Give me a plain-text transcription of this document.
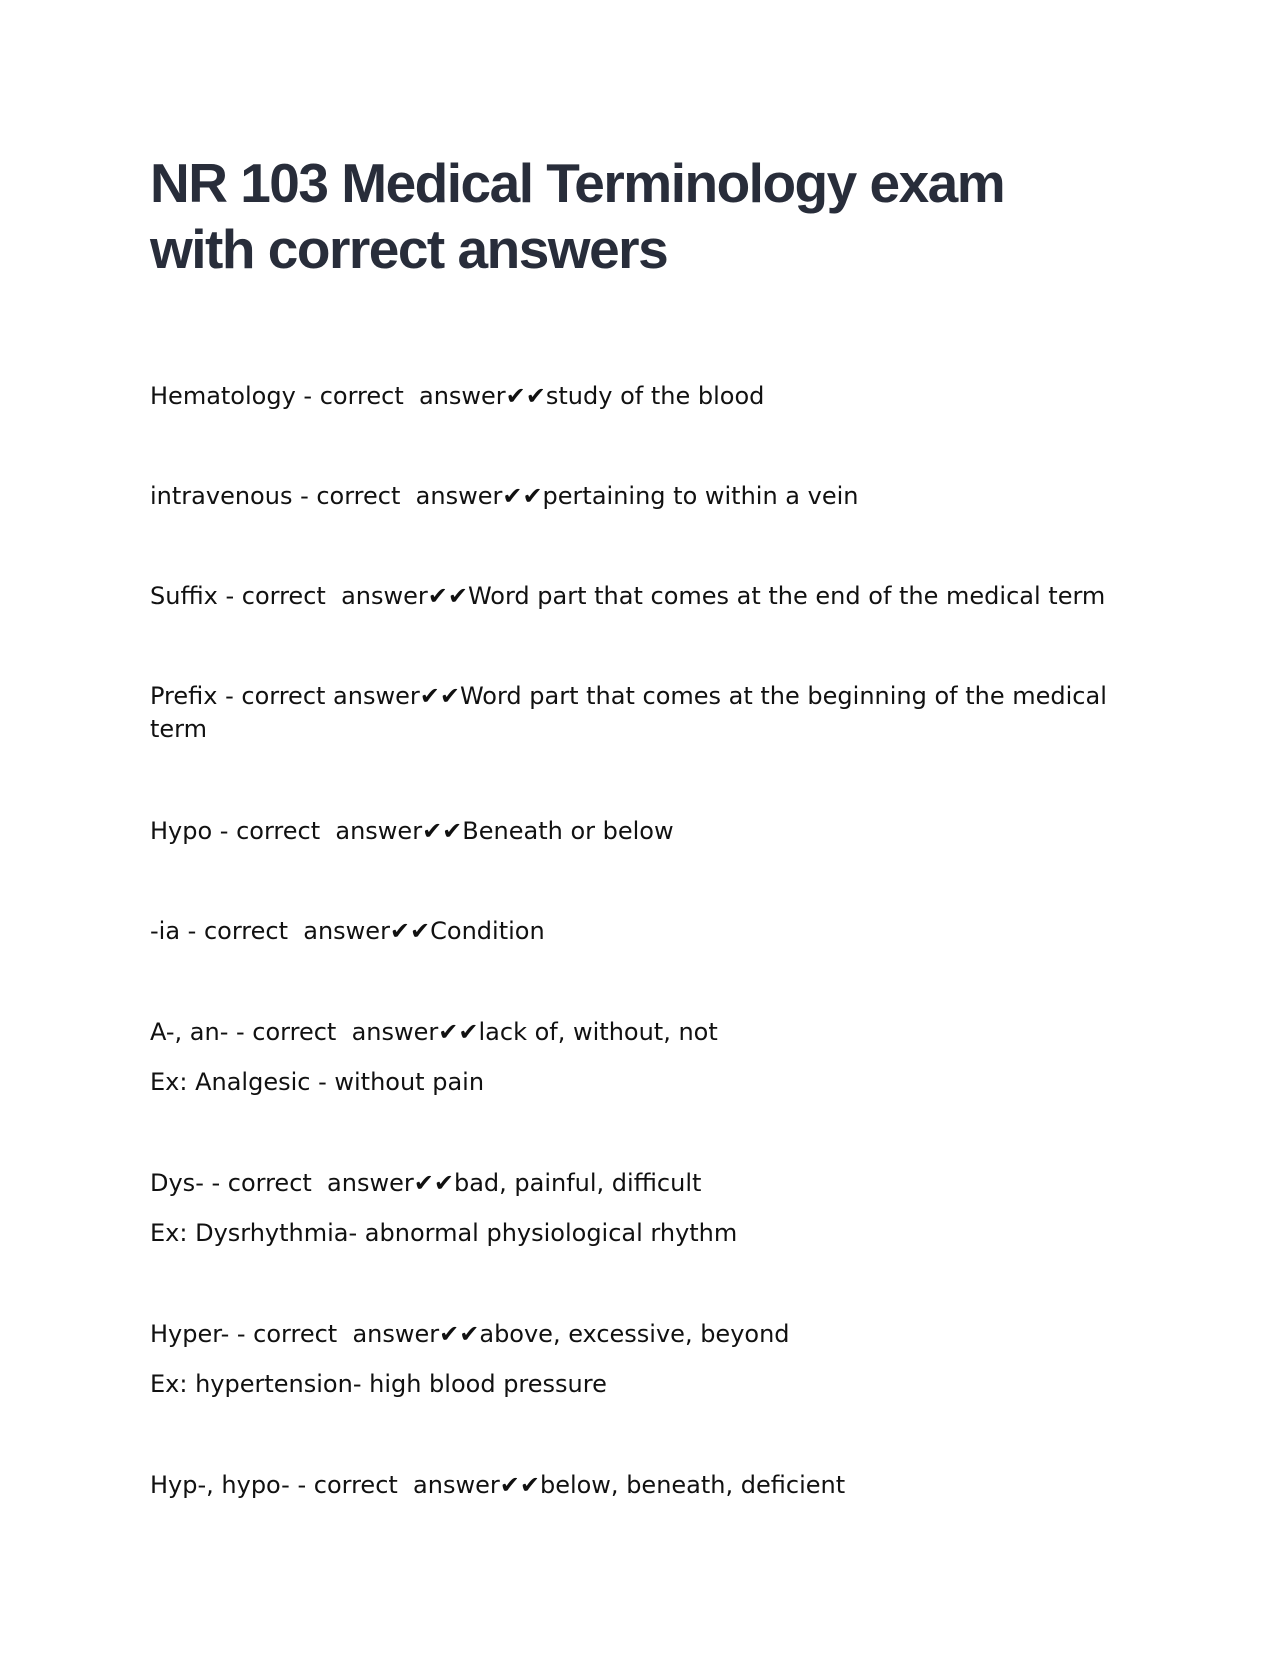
NR 103 Medical Terminology exam with correct answers
Hematology - correct  answer✔✔study of the blood
intravenous - correct  answer✔✔pertaining to within a vein
Suffix - correct  answer✔✔Word part that comes at the end of the medical term
Prefix - correct answer✔✔Word part that comes at the beginning of the medical term
Hypo - correct  answer✔✔Beneath or below
-ia - correct  answer✔✔Condition
A-, an- - correct  answer✔✔lack of, without, not
Ex: Analgesic - without pain
Dys- - correct  answer✔✔bad, painful, difficult
Ex: Dysrhythmia- abnormal physiological rhythm
Hyper- - correct  answer✔✔above, excessive, beyond
Ex: hypertension- high blood pressure
Hyp-, hypo- - correct  answer✔✔below, beneath, deficient
